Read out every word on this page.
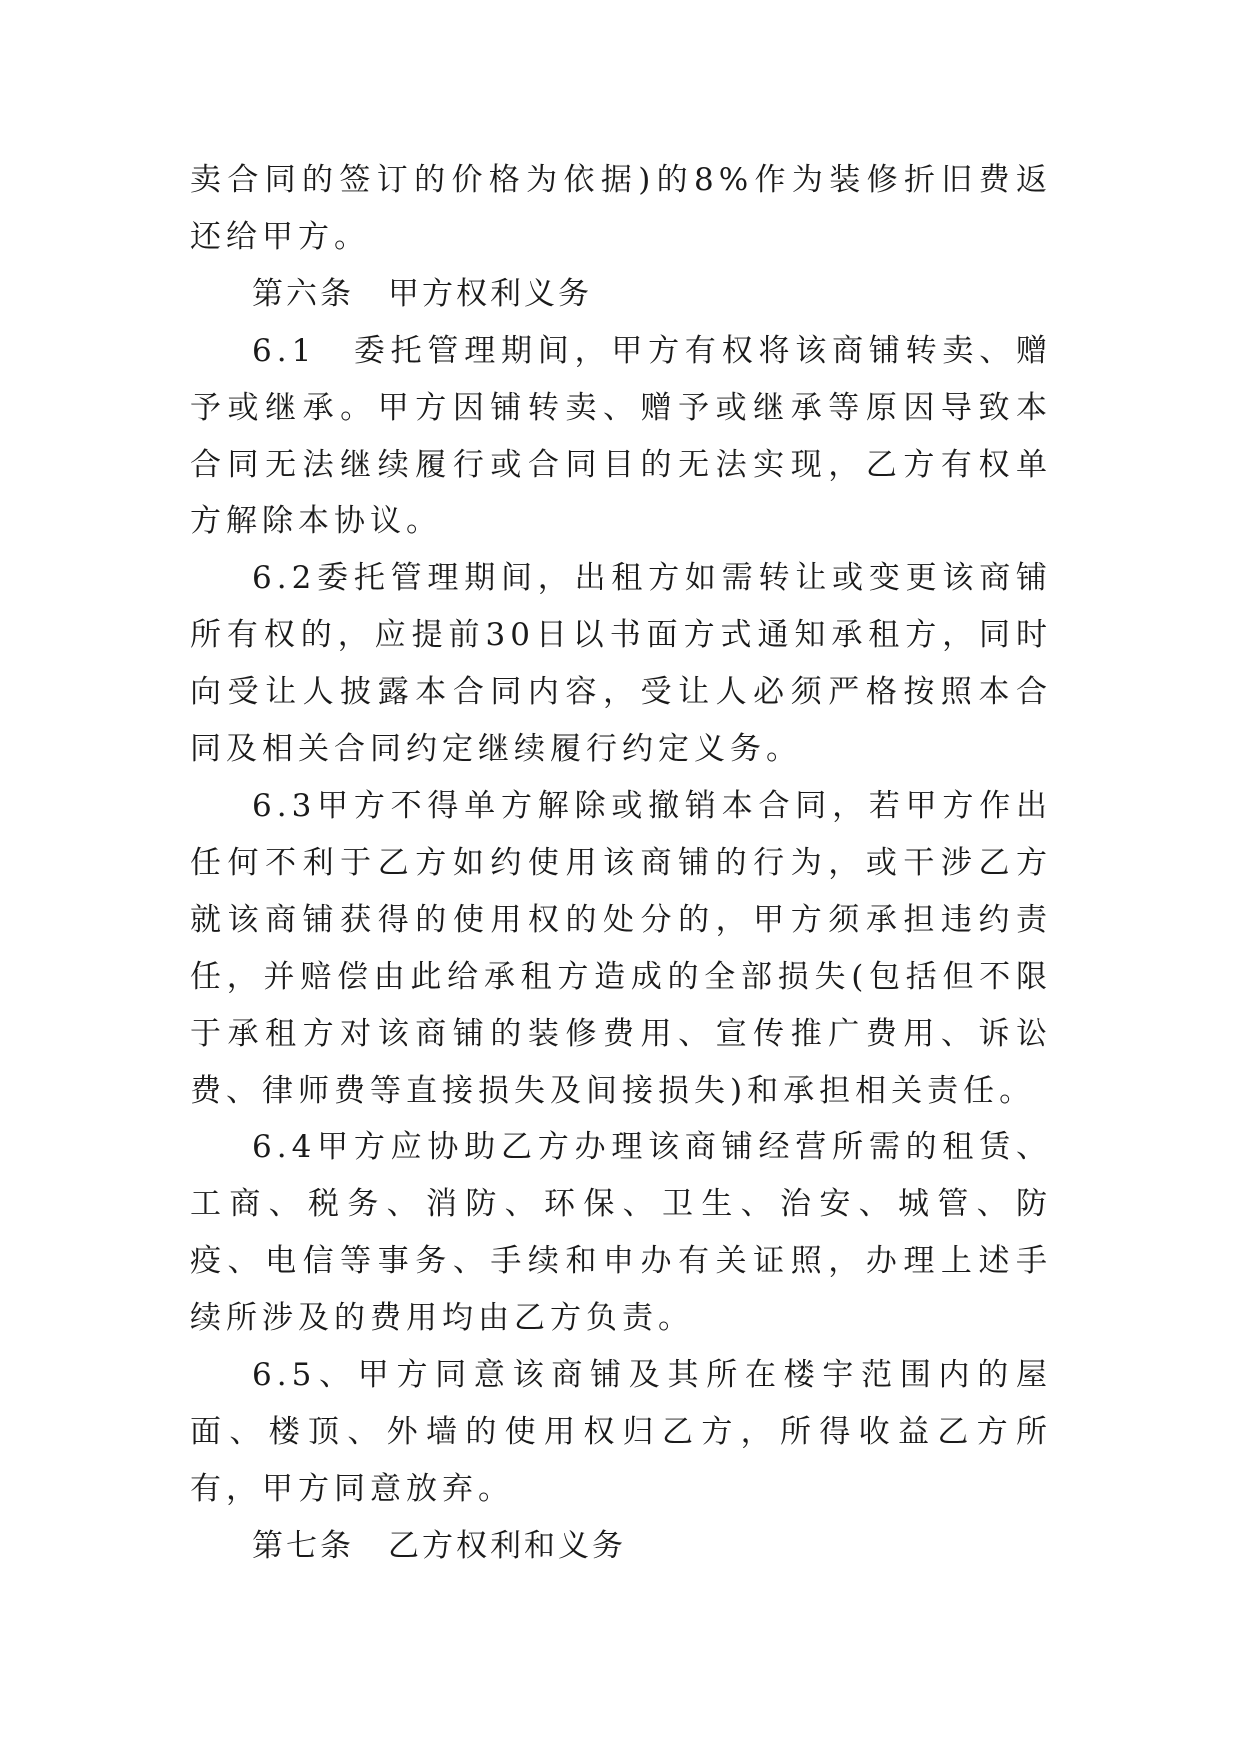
卖合同的签订的价格为依据)的8%作为装修折旧费返还给甲方。

第六条　甲方权利义务

6.1　委托管理期间，甲方有权将该商铺转卖、赠予或继承。甲方因铺转卖、赠予或继承等原因导致本合同无法继续履行或合同目的无法实现，乙方有权单方解除本协议。

6.2委托管理期间，出租方如需转让或变更该商铺所有权的，应提前30日以书面方式通知承租方，同时向受让人披露本合同内容，受让人必须严格按照本合同及相关合同约定继续履行约定义务。

6.3甲方不得单方解除或撤销本合同，若甲方作出任何不利于乙方如约使用该商铺的行为，或干涉乙方就该商铺获得的使用权的处分的，甲方须承担违约责任，并赔偿由此给承租方造成的全部损失(包括但不限于承租方对该商铺的装修费用、宣传推广费用、诉讼费、律师费等直接损失及间接损失)和承担相关责任。

6.4甲方应协助乙方办理该商铺经营所需的租赁、工商、税务、消防、环保、卫生、治安、城管、防疫、电信等事务、手续和申办有关证照，办理上述手续所涉及的费用均由乙方负责。

6.5、甲方同意该商铺及其所在楼宇范围内的屋面、楼顶、外墙的使用权归乙方，所得收益乙方所有，甲方同意放弃。

第七条　乙方权利和义务
